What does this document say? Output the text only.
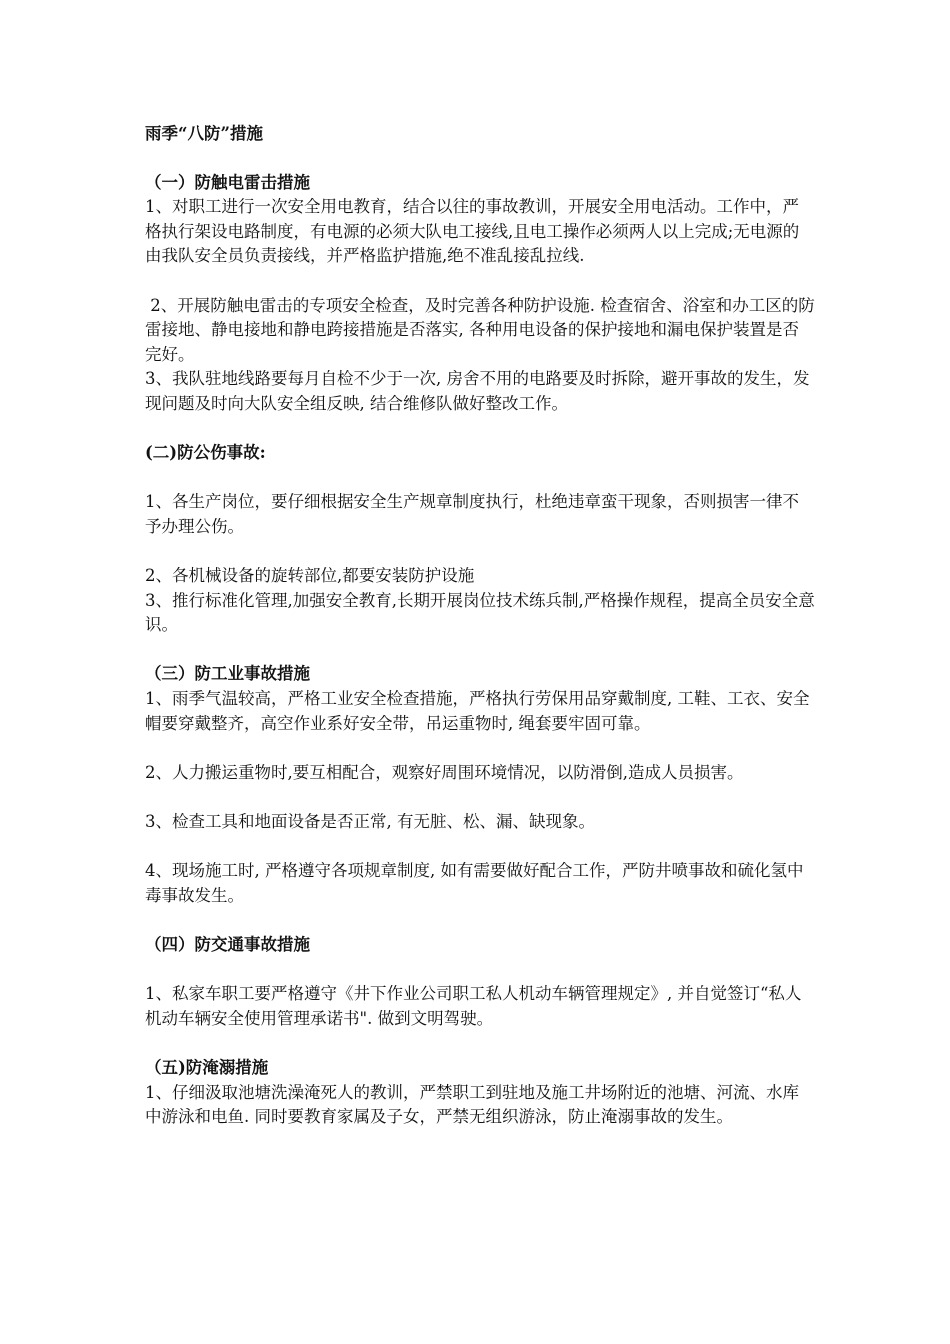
雨季“八防”措施

（一）防触电雷击措施

1、对职工进行一次安全用电教育，结合以往的事故教训，开展安全用电活动。工作中，严格执行架设电路制度，有电源的必须大队电工接线,且电工操作必须两人以上完成;无电源的由我队安全员负责接线，并严格监护措施,绝不准乱接乱拉线.

2、开展防触电雷击的专项安全检查，及时完善各种防护设施. 检查宿舍、浴室和办工区的防雷接地、静电接地和静电跨接措施是否落实, 各种用电设备的保护接地和漏电保护装置是否完好。

3、我队驻地线路要每月自检不少于一次, 房舍不用的电路要及时拆除，避开事故的发生，发现问题及时向大队安全组反映, 结合维修队做好整改工作。

(二)防公伤事故:

1、各生产岗位，要仔细根据安全生产规章制度执行，杜绝违章蛮干现象，否则损害一律不予办理公伤。

2、各机械设备的旋转部位,都要安装防护设施

3、推行标准化管理,加强安全教育,长期开展岗位技术练兵制,严格操作规程，提高全员安全意识。

（三）防工业事故措施

1、雨季气温较高，严格工业安全检查措施，严格执行劳保用品穿戴制度, 工鞋、工衣、安全帽要穿戴整齐，高空作业系好安全带，吊运重物时, 绳套要牢固可靠。

2、人力搬运重物时,要互相配合，观察好周围环境情况，以防滑倒,造成人员损害。

3、检查工具和地面设备是否正常, 有无脏、松、漏、缺现象。

4、现场施工时, 严格遵守各项规章制度, 如有需要做好配合工作，严防井喷事故和硫化氢中毒事故发生。

（四）防交通事故措施

1、私家车职工要严格遵守《井下作业公司职工私人机动车辆管理规定》, 并自觉签订“私人机动车辆安全使用管理承诺书". 做到文明驾驶。

（五)防淹溺措施

1、仔细汲取池塘洗澡淹死人的教训，严禁职工到驻地及施工井场附近的池塘、河流、水库中游泳和电鱼. 同时要教育家属及子女，严禁无组织游泳，防止淹溺事故的发生。
